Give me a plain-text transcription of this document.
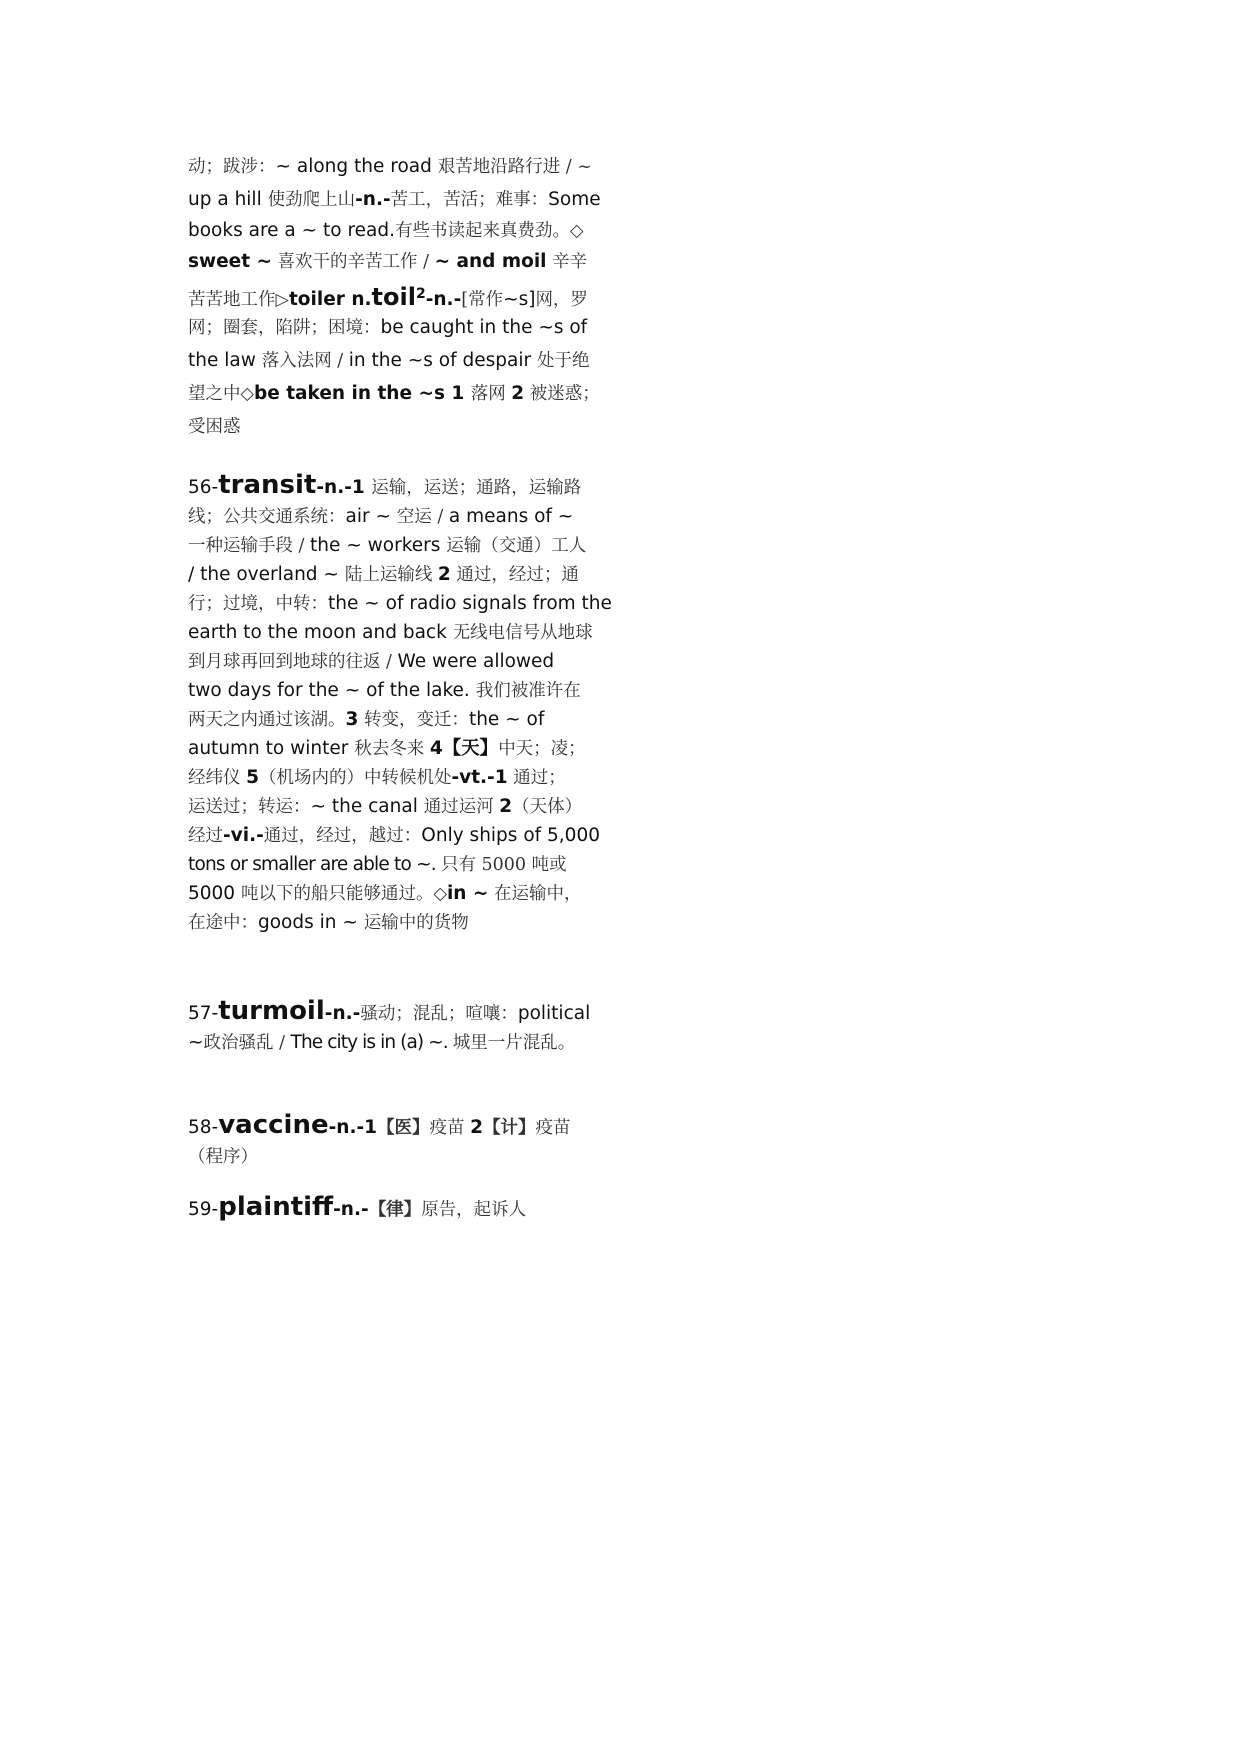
动；跋涉：~ along the road 艰苦地沿路行进 / ~
up a hill 使劲爬上山-n.-苦工，苦活；难事：Some
books are a ~ to read.有些书读起来真费劲。◇
sweet ~ 喜欢干的辛苦工作 / ~ and moil 辛辛
苦苦地工作▷toiler n.toil$^2$-n.-[常作~s]网，罗
网；圈套，陷阱；困境：be caught in the ~s of
the law 落入法网 / in the ~s of despair 处于绝
望之中◇be taken in the ~s 1 落网 2 被迷惑；
受困惑
56-transit-n.-1 运输，运送；通路，运输路
线；公共交通系统：air ~ 空运 / a means of ~
一种运输手段 / the ~ workers 运输（交通）工人
/ the overland ~ 陆上运输线 2 通过，经过；通
行；过境，中转：the ~ of radio signals from the
earth to the moon and back 无线电信号从地球
到月球再回到地球的往返 / We were allowed
two days for the ~ of the lake. 我们被准许在
两天之内通过该湖。3 转变，变迁：the ~ of
autumn to winter 秋去冬来 4【天】中天；凌；
经纬仪 5（机场内的）中转候机处-vt.-1 通过；
运送过；转运：~ the canal 通过运河 2（天体）
经过-vi.-通过，经过，越过：Only ships of 5,000
tons or smaller are able to ~. 只有 5000 吨或
5000 吨以下的船只能够通过。◇in ~ 在运输中，
在途中：goods in ~ 运输中的货物
57-turmoil-n.-骚动；混乱；喧嚷：political
~政治骚乱 / The city is in (a) ~. 城里一片混乱。
58-vaccine-n.-1【医】疫苗 2【计】疫苗
（程序）
59-plaintiff-n.-【律】原告，起诉人
